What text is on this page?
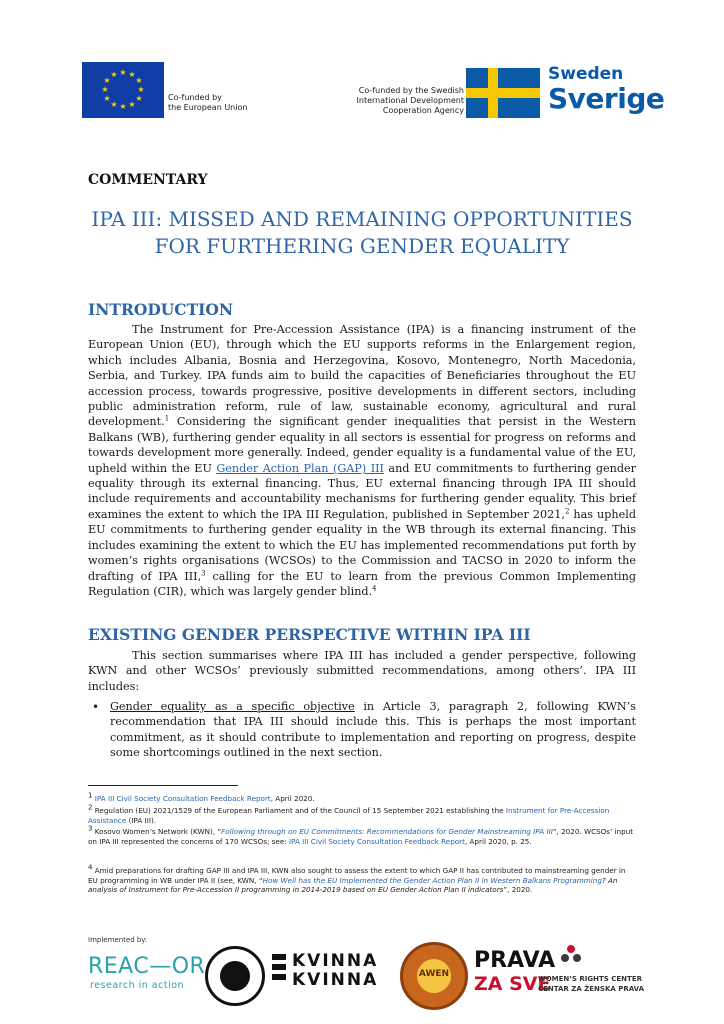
★ ★
★
★
★
★
★
★
★
★
★
★
Co-funded by
the European Union
Co-funded by the Swedish
International Development
Cooperation Agency
Sweden
Sverige
COMMENTARY
IPA III: MISSED AND REMAINING OPPORTUNITIES
FOR FURTHERING GENDER EQUALITY
INTRODUCTION

The Instrument for Pre-Accession Assistance (IPA) is a financing instrument of the European Union (EU), through which the EU supports reforms in the Enlargement region, which includes Albania, Bosnia and Herzegovina, Kosovo, Montenegro, North Macedonia, Serbia, and Turkey. IPA funds aim to build the capacities of Beneficiaries throughout the EU accession process, towards progressive, positive developments in different sectors, including public administration reform, rule of law, sustainable economy, agricultural and rural development.$^1$ Considering the significant gender inequalities that persist in the Western Balkans (WB), furthering gender equality in all sectors is essential for progress on reforms and towards development more generally. Indeed, gender equality is a fundamental value of the EU, upheld within the EU Gender Action Plan (GAP) III and EU commitments to furthering gender equality through its external financing. Thus, EU external financing through IPA III should include requirements and accountability mechanisms for furthering gender equality. This brief examines the extent to which the IPA III Regulation, published in September 2021,$^2$ has upheld EU commitments to furthering gender equality in the WB through its external financing. This includes examining the extent to which the EU has implemented recommendations put forth by women’s rights organisations (WCSOs) to the Commission and TACSO in 2020 to inform the drafting of IPA III,$^3$ calling for the EU to learn from the previous Common Implementing Regulation (CIR), which was largely gender blind.$^4$

EXISTING GENDER PERSPECTIVE WITHIN IPA III

This section summarises where IPA III has included a gender perspective, following KWN and other WCSOs’ previously submitted recommendations, among others’. IPA III includes:

• Gender equality as a specific objective in Article 3, paragraph 2, following KWN’s recommendation that IPA III should include this. This is perhaps the most important commitment, as it should contribute to implementation and reporting on progress, despite some shortcomings outlined in the next section.
$^1$ IPA III Civil Society Consultation Feedback Report, April 2020.
$^2$ Regulation (EU) 2021/1529 of the European Parliament and of the Council of 15 September 2021 establishing the Instrument for Pre-Accession Assistance (IPA III).
$^3$ Kosovo Women’s Network (KWN), “Following through on EU Commitments: Recommendations for Gender Mainstreaming IPA III”, 2020. WCSOs’ input on IPA III represented the concerns of 170 WCSOs; see: IPA III Civil Society Consultation Feedback Report, April 2020, p. 25.
$^4$ Amid preparations for drafting GAP III and IPA III, KWN also sought to assess the extent to which GAP II has contributed to mainstreaming gender in EU programming in WB under IPA II (see, KWN, “How Well has the EU Implemented the Gender Action Plan II in Western Balkans Programming? An analysis of Instrument for Pre-Accession II programming in 2014-2019 based on EU Gender Action Plan II indicators”, 2020.
Implemented by:
REAC—OR
research in action
KVINNA
KVINNA	AWEN
PRAVA
ZA SVE
WOMEN’S RIGHTS CENTER
CENTAR ZA ŽENSKA PRAVA
